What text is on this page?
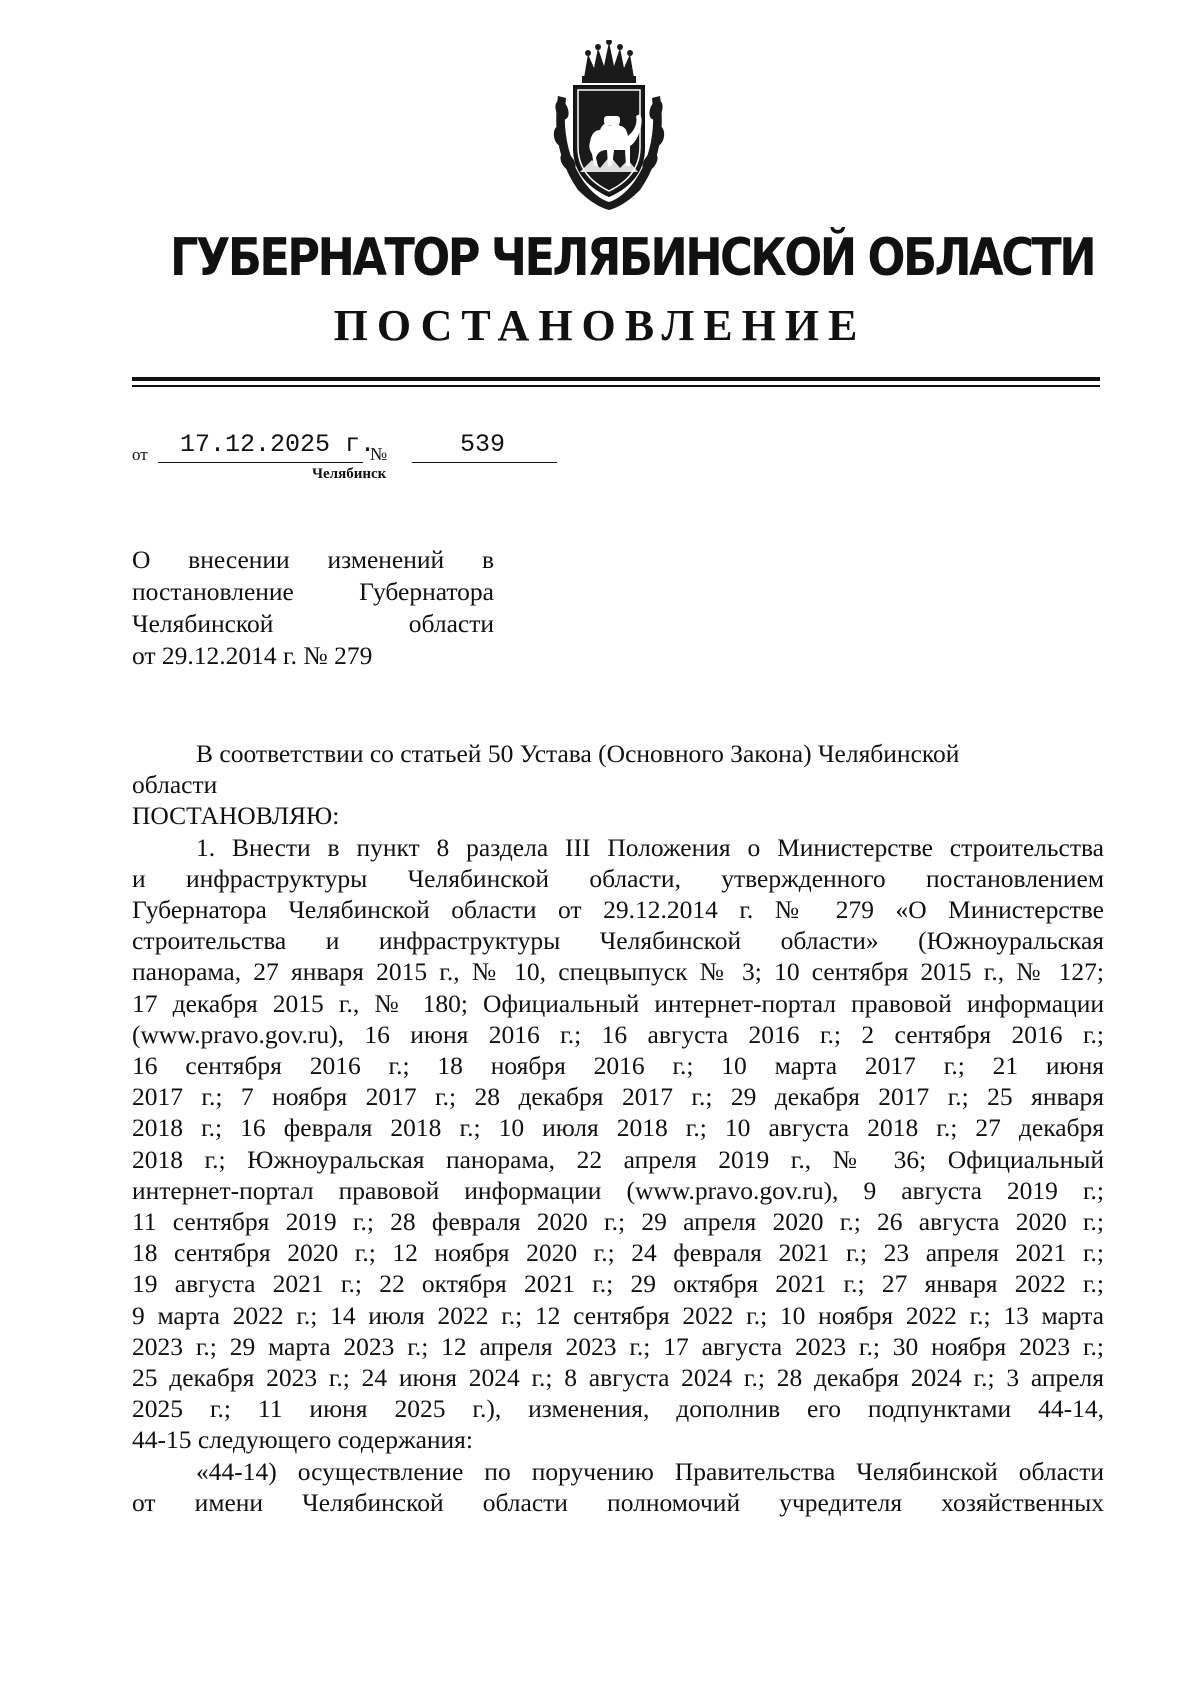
ГУБЕРНАТОР ЧЕЛЯБИНСКОЙ ОБЛАСТИ
ПОСТАНОВЛЕНИЕ
от 17.12.2025 г.
№	539
Челябинск
О внесении изменений в
постановление Губернатора
Челябинской области
от 29.12.2014 г. № 279
В соответствии со статьей 50 Устава (Основного Закона) Челябинской
области
ПОСТАНОВЛЯЮ:
1. Внести в пункт 8 раздела III Положения о Министерстве строительства
и инфраструктуры Челябинской области, утвержденного постановлением
Губернатора Челябинской области от 29.12.2014 г. № 279 «О Министерстве
строительства и инфраструктуры Челябинской области» (Южноуральская
панорама, 27 января 2015 г., № 10, спецвыпуск № 3; 10 сентября 2015 г., № 127;
17 декабря 2015 г., № 180; Официальный интернет-портал правовой информации
(www.pravo.gov.ru), 16 июня 2016 г.; 16 августа 2016 г.; 2 сентября 2016 г.;
16 сентября 2016 г.; 18 ноября 2016 г.; 10 марта 2017 г.; 21 июня
2017 г.; 7 ноября 2017 г.; 28 декабря 2017 г.; 29 декабря 2017 г.; 25 января
2018 г.; 16 февраля 2018 г.; 10 июля 2018 г.; 10 августа 2018 г.; 27 декабря
2018 г.; Южноуральская панорама, 22 апреля 2019 г., № 36; Официальный
интернет-портал правовой информации (www.pravo.gov.ru), 9 августа 2019 г.;
11 сентября 2019 г.; 28 февраля 2020 г.; 29 апреля 2020 г.; 26 августа 2020 г.;
18 сентября 2020 г.; 12 ноября 2020 г.; 24 февраля 2021 г.; 23 апреля 2021 г.;
19 августа 2021 г.; 22 октября 2021 г.; 29 октября 2021 г.; 27 января 2022 г.;
9 марта 2022 г.; 14 июля 2022 г.; 12 сентября 2022 г.; 10 ноября 2022 г.; 13 марта
2023 г.; 29 марта 2023 г.; 12 апреля 2023 г.; 17 августа 2023 г.; 30 ноября 2023 г.;
25 декабря 2023 г.; 24 июня 2024 г.; 8 августа 2024 г.; 28 декабря 2024 г.; 3 апреля
2025 г.; 11 июня 2025 г.), изменения, дополнив его подпунктами 44-14,
44-15 следующего содержания:
«44-14) осуществление по поручению Правительства Челябинской области
от имени Челябинской области полномочий учредителя хозяйственных
